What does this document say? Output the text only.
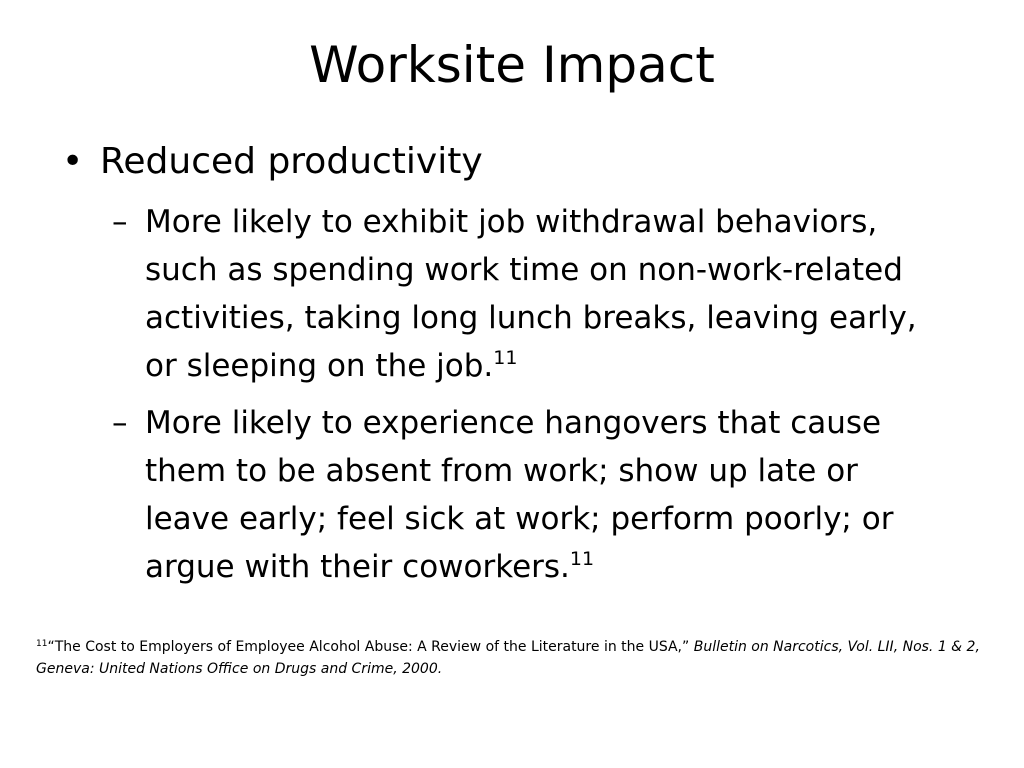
Worksite Impact
• Reduced productivity
– More likely to exhibit job withdrawal behaviors,
such as spending work time on non-work-related
activities, taking long lunch breaks, leaving early,
or sleeping on the job.$^{11}$
– More likely to experience hangovers that cause
them to be absent from work; show up late or
leave early; feel sick at work; perform poorly; or
argue with their coworkers.$^{11}$
$^{11}$“The Cost to Employers of Employee Alcohol Abuse: A Review of the Literature in the USA,” Bulletin on Narcotics, Vol. LII, Nos. 1 & 2,
Geneva: United Nations Office on Drugs and Crime, 2000.
